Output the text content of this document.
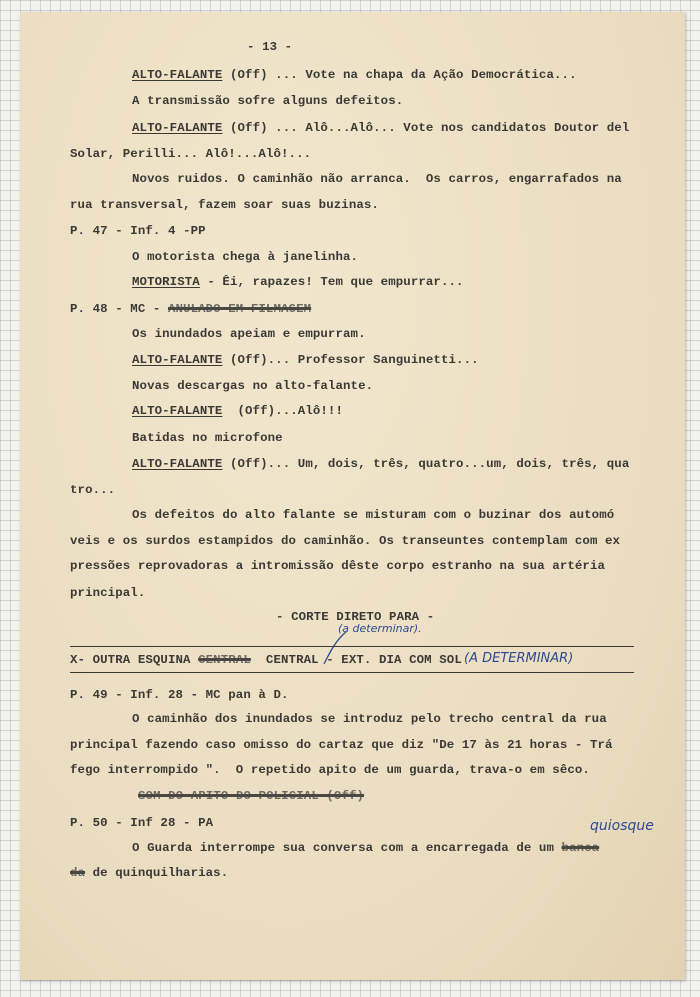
- 13 -
ALTO-FALANTE (Off) ... Vote na chapa da Ação Democrática...
A transmissão sofre alguns defeitos.
ALTO-FALANTE (Off) ... Alô...Alô... Vote nos candidatos Doutor del
Solar, Perilli... Alô!...Alô!...
Novos ruidos. O caminhão não arranca.  Os carros, engarrafados na
rua transversal, fazem soar suas buzinas.
P. 47 - Inf. 4 -PP
O motorista chega à janelinha.
MOTORISTA - Êi, rapazes! Tem que empurrar...
P. 48 - MC - ANULADO EM FILMAGEM
Os inundados apeiam e empurram.
ALTO-FALANTE (Off)... Professor Sanguinetti...
Novas descargas no alto-falante.
ALTO-FALANTE  (Off)...Alô!!!
Batidas no microfone
ALTO-FALANTE (Off)... Um, dois, três, quatro...um, dois, três, qua
tro...
Os defeitos do alto falante se misturam com o buzinar dos automó
veis e os surdos estampidos do caminhão. Os transeuntes contemplam com ex
pressões reprovadoras a intromissão dêste corpo estranho na sua artéria
principal.
- CORTE DIRETO PARA -
(a determinar).
X- OUTRA ESQUINA CENTRAL  CENTRAL - EXT. DIA COM SOL
(A DETERMINAR)
P. 49 - Inf. 28 - MC pan à D.
O caminhão dos inundados se introduz pelo trecho central da rua
principal fazendo caso omisso do cartaz que diz "De 17 às 21 horas - Trá
fego interrompido ".  O repetido apito de um guarda, trava-o em sêco.
SOM DO APITO DO POLICIAL (Off)
P. 50 - Inf 28 - PA
O Guarda interrompe sua conversa com a encarregada de um banca
quiosque
da de quinquilharias.
